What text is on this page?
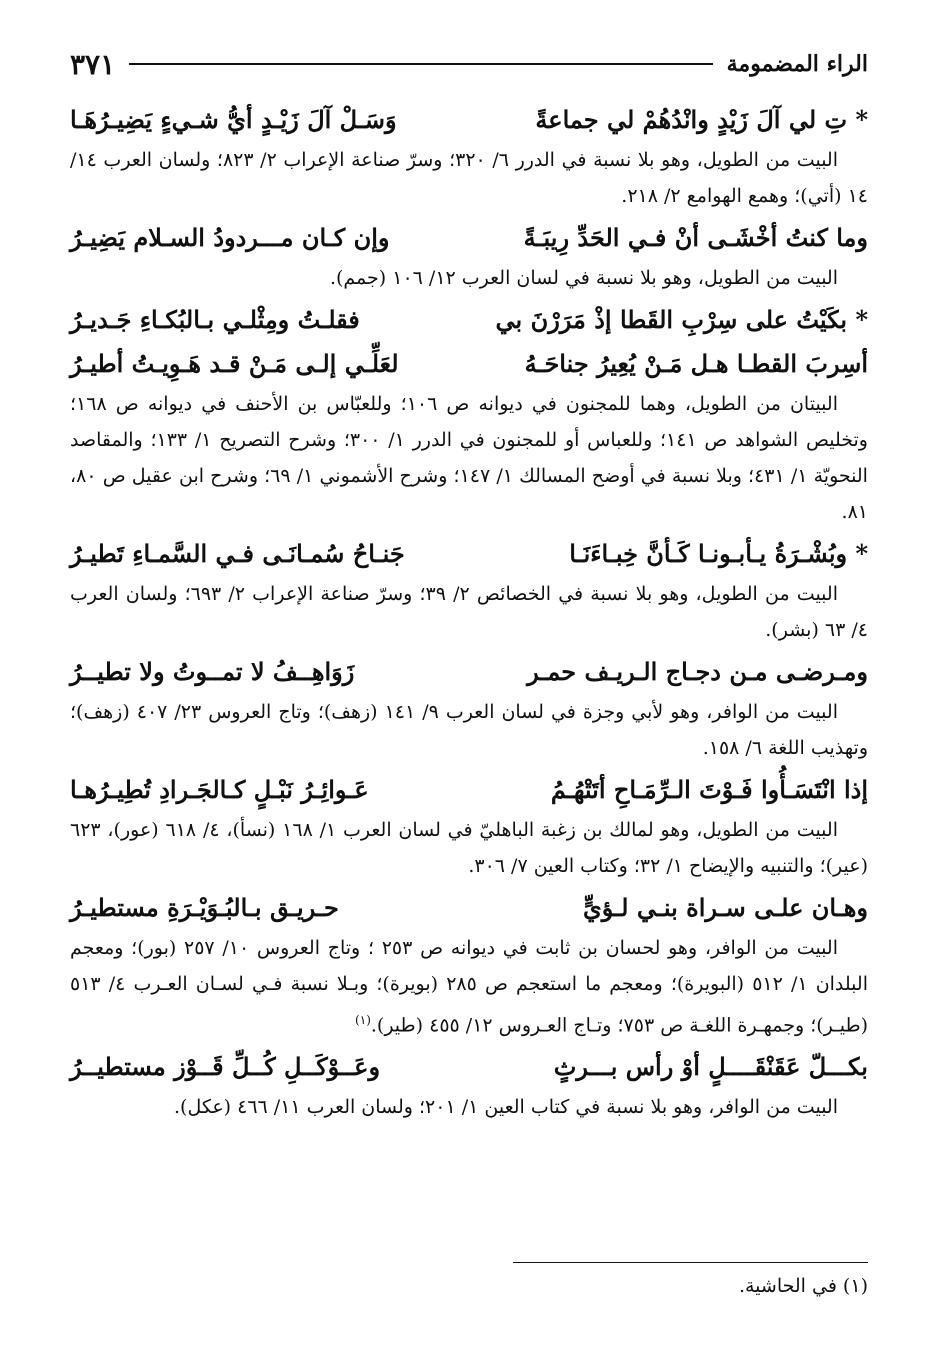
الراء المضمومة
٣٧١
* تِ لي آلَ زَيْدٍ وانْدُهُمْ لي جماعةً
وَسَـلْ آلَ زَيْـدٍ أيُّ شـيءٍ يَضِيـرُهَـا

البيت من الطويل، وهو بلا نسبة في الدرر ٦/ ٣٢٠؛ وسرّ صناعة الإعراب ٢/ ٨٢٣؛ ولسان العرب ١٤/ ١٤ (أتي)؛ وهمع الهوامع ٢/ ٢١٨.

وما كنتُ أخْشَـى أنْ فـي الحَدِّ رِيبَـةً
وإن كـان مـــردودُ السـلام يَضِيـرُ

البيت من الطويل، وهو بلا نسبة في لسان العرب ١٢/ ١٠٦ (جمم).

* بكَيْتُ على سِرْبِ القَطا إذْ مَرَرْنَ بي
فقلـتُ ومِثْلـي بـالبُكـاءِ جَـديـرُ
أسِربَ القطـا هـل مَـنْ يُعِيرُ جناحَـهُ
لعَلِّـي إلـى مَـنْ قـد هَـوِيـتُ أطيـرُ

البيتان من الطويل، وهما للمجنون في ديوانه ص ١٠٦؛ وللعبّاس بن الأحنف في ديوانه ص ١٦٨؛ وتخليص الشواهد ص ١٤١؛ وللعباس أو للمجنون في الدرر ١/ ٣٠٠؛ وشرح التصريح ١/ ١٣٣؛ والمقاصد النحويّة ١/ ٤٣١؛ وبلا نسبة في أوضح المسالك ١/ ١٤٧؛ وشرح الأشموني ١/ ٦٩؛ وشرح ابن عقيل ص ٨٠، ٨١.

* وبُشْـرَةُ يـأبـونـا كَـأنَّ خِبـاءَنَـا
جَنـاحُ سُمـانَـى فـي السَّمـاءِ تَطيـرُ

البيت من الطويل، وهو بلا نسبة في الخصائص ٢/ ٣٩؛ وسرّ صناعة الإعراب ٢/ ٦٩٣؛ ولسان العرب ٤/ ٦٣ (بشر).

ومـرضـى مـن دجـاج الـريـف حمـر
زَوَاهِــفُ لا تمــوتُ ولا تطيــرُ

البيت من الوافر، وهو لأبي وجزة في لسان العرب ٩/ ١٤١ (زهف)؛ وتاج العروس ٢٣/ ٤٠٧ (زهف)؛ وتهذيب اللغة ٦/ ١٥٨.

إذا انْتَسَـأُوا فَـوْتَ الـرِّمَـاحِ أتَتْهُـمُ
عَـوائِـرُ نَبْـلٍ كـالجَـرادِ تُطِيـرُهـا

البيت من الطويل، وهو لمالك بن زغبة الباهليّ في لسان العرب ١/ ١٦٨ (نسأ)، ٤/ ٦١٨ (عور)، ٦٢٣ (عير)؛ والتنبيه والإيضاح ١/ ٣٢؛ وكتاب العين ٧/ ٣٠٦.

وهـان علـى سـراة بنـي لـؤيٍّ
حـريـق بـالبُـوَيْـرَةِ مستطيـرُ

البيت من الوافر، وهو لحسان بن ثابت في ديوانه ص ٢٥٣ ؛ وتاج العروس ١٠/ ٢٥٧ (بور)؛ ومعجم البلدان ١/ ٥١٢ (البويرة)؛ ومعجم ما استعجم ص ٢٨٥ (بويرة)؛ وبـلا نسبة فـي لسـان العـرب ٤/ ٥١٣ (طيـر)؛ وجمهـرة اللغـة ص ٧٥٣؛ وتـاج العـروس ١٢/ ٤٥٥ (طير).$^{(١)}$

بكـــلّ عَقَنْقَــــلٍ أوْ رأس بـــرثٍ
وعَــوْكَــلِ كُــلِّ قَــوْز مستطيــرُ

البيت من الوافر، وهو بلا نسبة في كتاب العين ١/ ٢٠١؛ ولسان العرب ١١/ ٤٦٦ (عكل).

(١) في الحاشية.
